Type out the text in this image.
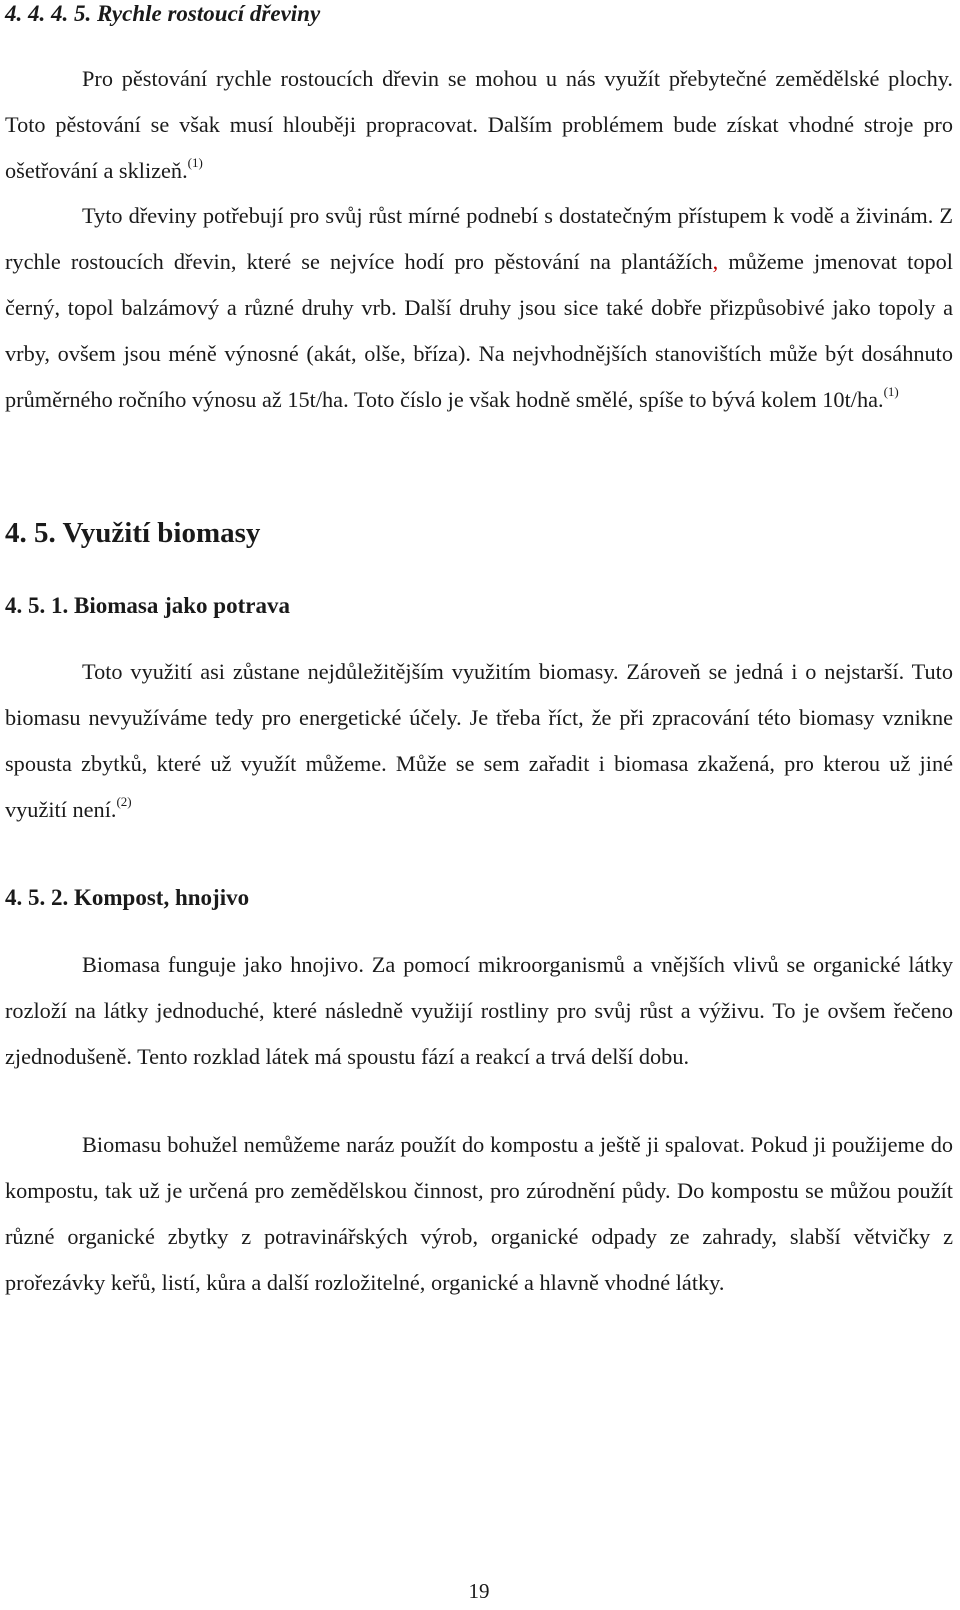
4. 4. 4. 5. Rychle rostoucí dřeviny

Pro pěstování rychle rostoucích dřevin se mohou u nás využít přebytečné zemědělské plochy. Toto pěstování se však musí hlouběji propracovat. Dalším problémem bude získat vhodné stroje pro ošetřování a sklizeň.$^{(1)}$

Tyto dřeviny potřebují pro svůj růst mírné podnebí s dostatečným přístupem k vodě a živinám. Z rychle rostoucích dřevin, které se nejvíce hodí pro pěstování na plantážích, můžeme jmenovat topol černý, topol balzámový a různé druhy vrb. Další druhy jsou sice také dobře přizpůsobivé jako topoly a vrby, ovšem jsou méně výnosné (akát, olše, bříza). Na nejvhodnějších stanovištích může být dosáhnuto průměrného ročního výnosu až 15t/ha. Toto číslo je však hodně smělé, spíše to bývá kolem 10t/ha.$^{(1)}$

4. 5. Využití biomasy
4. 5. 1. Biomasa jako potrava

Toto využití asi zůstane nejdůležitějším využitím biomasy. Zároveň se jedná i o nejstarší. Tuto biomasu nevyužíváme tedy pro energetické účely. Je třeba říct, že při zpracování této biomasy vznikne spousta zbytků, které už využít můžeme. Může se sem zařadit i biomasa zkažená, pro kterou už jiné využití není.$^{(2)}$

4. 5. 2. Kompost, hnojivo

Biomasa funguje jako hnojivo. Za pomocí mikroorganismů a vnějších vlivů se organické látky rozloží na látky jednoduché, které následně využijí rostliny pro svůj růst a výživu. To je ovšem řečeno zjednodušeně. Tento rozklad látek má spoustu fází a reakcí a trvá delší dobu.

Biomasu bohužel nemůžeme naráz použít do kompostu a ještě ji spalovat. Pokud ji použijeme do kompostu, tak už je určená pro zemědělskou činnost, pro zúrodnění půdy. Do kompostu se můžou použít různé organické zbytky z potravinářských výrob, organické odpady ze zahrady, slabší větvičky z prořezávky keřů, listí, kůra a další rozložitelné, organické a hlavně vhodné látky.

19
